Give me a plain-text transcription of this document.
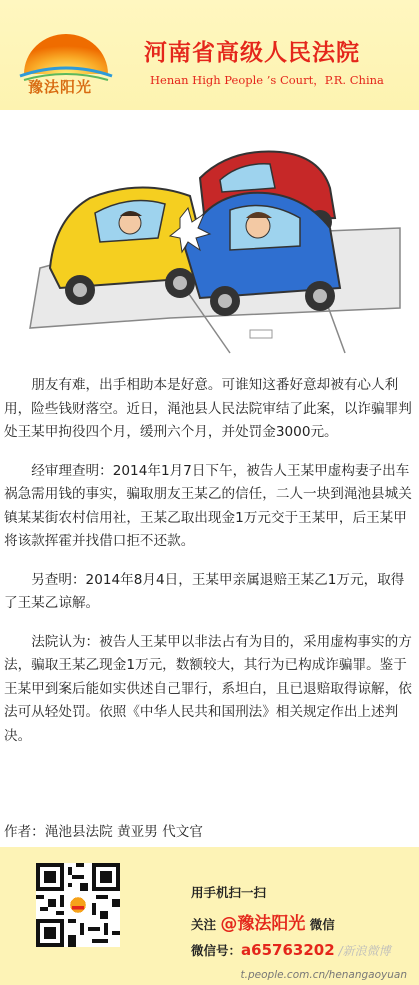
豫法阳光
河南省高级人民法院
Henan High People ’s Court，P.R. China

朋友有难，出手相助本是好意。可谁知这番好意却被有心人利用，险些钱财落空。近日，渑池县人民法院审结了此案，以诈骗罪判处王某甲拘役四个月，缓刑六个月，并处罚金3000元。

经审理查明：2014年1月7日下午，被告人王某甲虚构妻子出车祸急需用钱的事实，骗取朋友王某乙的信任，二人一块到渑池县城关镇某某街农村信用社，王某乙取出现金1万元交于王某甲，后王某甲将该款挥霍并找借口拒不还款。

另查明：2014年8月4日，王某甲亲属退赔王某乙1万元，取得了王某乙谅解。

法院认为：被告人王某甲以非法占有为目的，采用虚构事实的方法，骗取王某乙现金1万元，数额较大，其行为已构成诈骗罪。鉴于王某甲到案后能如实供述自己罪行，系坦白，且已退赔取得谅解，依法可从轻处罚。依照《中华人民共和国刑法》相关规定作出上述判决。

作者：渑池县法院 黄亚男 代文官
用手机扫一扫
关注 @豫法阳光 微信
微信号：a65763202 /新浪微博
t.people.com.cn/henangaoyuan
